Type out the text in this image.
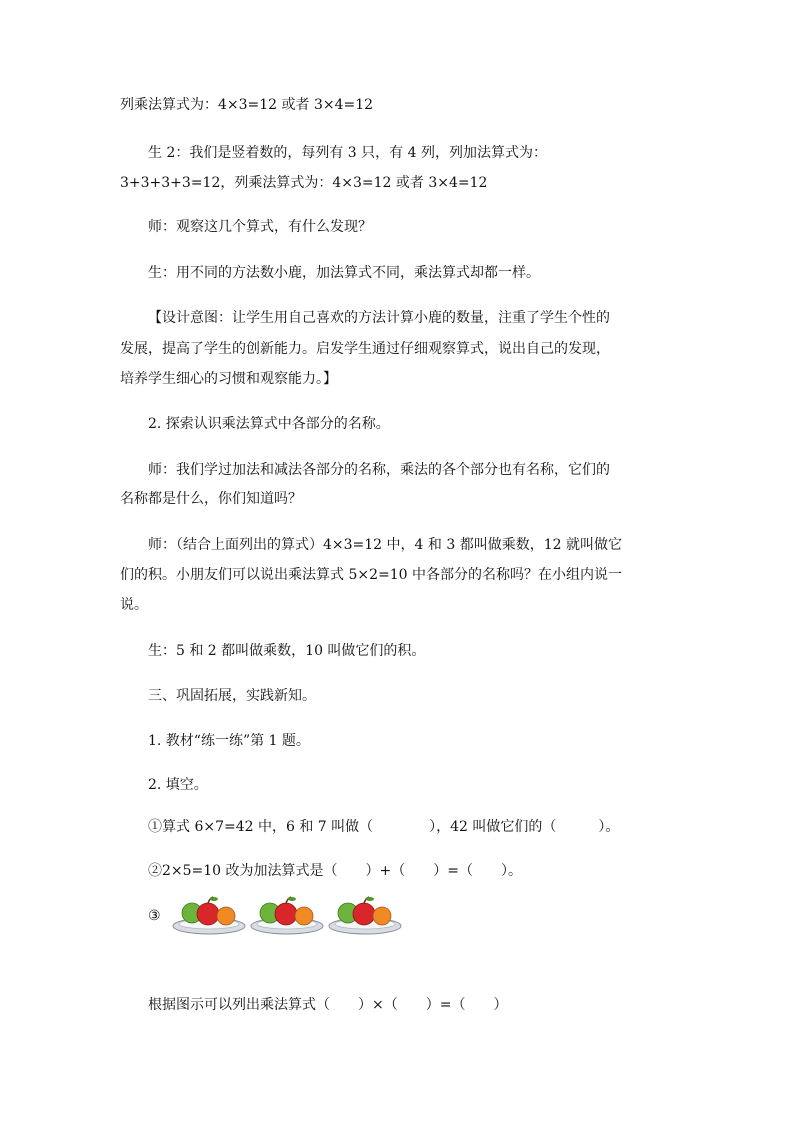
列乘法算式为：4×3=12 或者 3×4=12
生 2：我们是竖着数的，每列有 3 只，有 4 列，列加法算式为：
3+3+3+3=12，列乘法算式为：4×3=12 或者 3×4=12
师：观察这几个算式，有什么发现？
生：用不同的方法数小鹿，加法算式不同，乘法算式却都一样。
【设计意图：让学生用自己喜欢的方法计算小鹿的数量，注重了学生个性的
发展，提高了学生的创新能力。启发学生通过仔细观察算式，说出自己的发现，
培养学生细心的习惯和观察能力。】
2. 探索认识乘法算式中各部分的名称。
师：我们学过加法和减法各部分的名称，乘法的各个部分也有名称，它们的
名称都是什么，你们知道吗？
师：（结合上面列出的算式）4×3=12 中，4 和 3 都叫做乘数，12 就叫做它
们的积。小朋友们可以说出乘法算式 5×2=10 中各部分的名称吗？在小组内说一
说。
生：5 和 2 都叫做乘数，10 叫做它们的积。
三、巩固拓展，实践新知。
1. 教材“练一练”第 1 题。
2. 填空。
①算式 6×7=42 中，6 和 7 叫做（　　　　），42 叫做它们的（　　　）。
②2×5=10 改为加法算式是（　　）+（　　）=（　　）。
③
根据图示可以列出乘法算式（　　）×（　　）=（　　）
